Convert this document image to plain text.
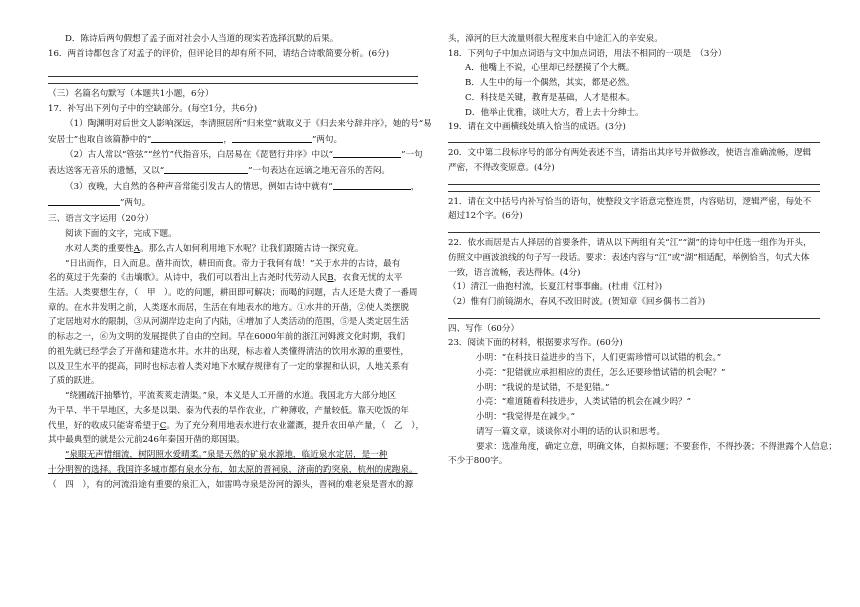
D．陈诗后两句假想了孟子面对社会小人当道的现实若选择沉默的后果。

16．两首诗都包含了对孟子的评价，但评论目的却有所不同，请结合诗歌简要分析。(6分)

（三）名篇名句默写（本题共1小题，6分）

17．补写出下列句子中的空缺部分。(每空1分，共6分)

（1）陶渊明对后世文人影响深远，李清照居所“归来堂”就取义于《归去来兮辞并序》，她的号“易

安居士”也取自该篇静中的“	，	”两句。

（2）古人常以“管弦”“丝竹”代指音乐，白居易在《琵琶行并序》中以“	”一句

表达送客无音乐的遗憾，又以“	”一句表达在远谪之地无音乐的苦闷。

（3）夜晚，大自然的各种声音常能引发古人的情思，例如古诗中就有“	，

”两句。

三、语言文字运用（20分）

阅读下面的文字，完成下题。

水对人类的重要性A。那么古人如何利用地下水呢？让我们跟随古诗一探究竟。

“日出而作，日入而息。凿井而饮，耕田而食。帝力于我何有哉！”关于水井的古诗，最有

名的莫过于先秦的《击壤歌》。从诗中，我们可以看出上古尧时代劳动人民B，衣食无忧的太平

生活。人类要想生存，（　甲　）。吃的问题，耕田即可解决；而喝的问题，古人还是大费了一番周

章的。在水井发明之前，人类逐水而居，生活在有地表水的地方。①水井的开凿，②使人类摆脱

了定居地对水的限制，③从河湖岸边走向了内陆，④增加了人类活动的范围，⑤是人类定居生活

的标志之一，⑥为文明的发展提供了自由的空间。早在6000年前的浙江河姆渡文化时期，我们

的祖先就已经学会了开凿和建造水井。水井的出现，标志着人类懂得清洁的饮用水源的重要性，

以及卫生水平的提高，同时也标志着人类对地下水赋存规律有了一定的掌握和认识，人地关系有

了质的跃进。

“绕圃疏汗抽攀竹，平流荄荄走清渠。”泉，本义是人工开凿的水道。我国北方大部分地区

为干旱、半干旱地区，大多是以渠、泰为代表的旱作农业，广种薄收，产量较低。靠天吃饭的年

代里，好的收成只能寄希望于C。为了充分利用地表水进行农业灌溉，提升农田单产量，（　乙　），

其中最典型的就是公元前246年秦国开凿的郑国渠。

“泉眼无声惜细流，树阴照水爱晴柔。”泉是天然的矿泉水源地，临近泉水定居，是一种

十分明智的选择。我国许多城市都有泉水分布，如太原的晋祠泉，济南的趵突泉，杭州的虎跑泉。

（　四　），有的河流沿途有重要的泉汇入，如雷鸣寺泉是汾河的源头，晋祠的难老泉是晋水的源

头，漳河的巨大流量则很大程度来自中途汇入的辛安泉。

18．下列句子中加点词语与文中加点词语，用法不相同的一项是　（3分）

A．他嘴上不说，心里却已经摆摸了个大概。

B．人生中的每一个偶然，其实，都是必然。

C．科技是关键，教育是基础，人才是根本。

D．他举止优雅，谈吐大方，看上去十分绅士。

19．请在文中画横线处填入恰当的成语。(3分)

20．文中第二段标序号的部分有两处表述不当，请指出其序号并做修改，使语言准确流畅，逻辑

严密，不得改变原意。(4分)

21．请在文中括号内补写恰当的语句，使整段文字语意完整连贯，内容贴切，逻辑严密，每处不

超过12个字。(6分)

22．依水而居是古人择居的首要条件，请从以下两组有关“江”“湖”的诗句中任选一组作为开头，

仿照文中画波浪线的句子写一段话。要求：表述内容与“江”或“湖”相适配，举例恰当，句式大体

一致，语言流畅，表达得体。(4分)

（1）清江一曲抱村流，长夏江村事事幽。(杜甫《江村》)

（2）惟有门前镜湖水，春风不改旧时波。(贺知章《回乡偶书二首》)

四、写作（60分）

23．阅读下面的材料，根据要求写作。(60分)

小明：“在科技日益进步的当下，人们更需珍惜可以试错的机会。”

小亮：“犯错就应承担相应的责任，怎么还要珍惜试错的机会呢？”

小明：“我说的是试错，不是犯错。”

小亮：“难道随着科技进步，人类试错的机会在减少吗？”

小明：“我觉得是在减少。”

请写一篇文章，谈谈你对小明的话的认识和思考。

要求：选准角度，确定立意，明确文体，自拟标题；不要套作，不得抄袭；不得泄露个人信息；

不少于800字。
